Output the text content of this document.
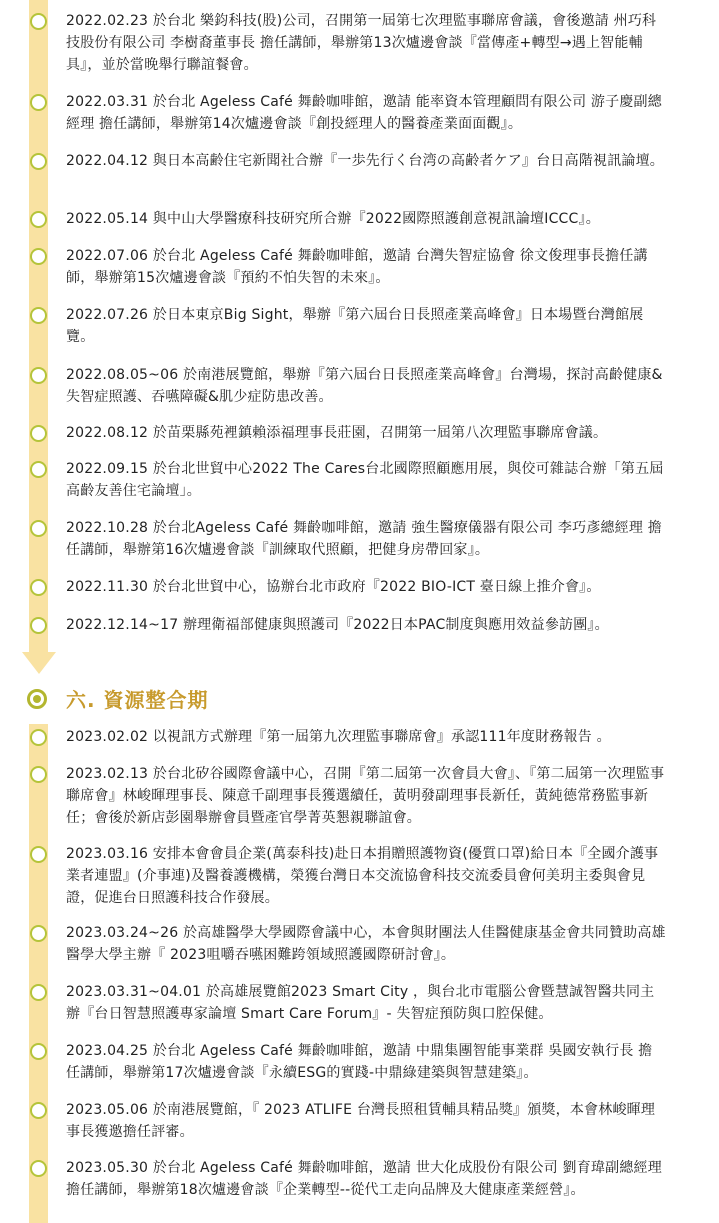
2022.02.23 於台北 樂鈞科技(股)公司，召開第一屆第七次理監事聯席會議，會後邀請 州巧科技股份有限公司 李樹裔董事長 擔任講師，舉辦第13次爐邊會談『當傳產+轉型→遇上智能輔具』，並於當晚舉行聯誼餐會。
2022.03.31 於台北 Ageless Café 舞齡咖啡館，邀請 能率資本管理顧問有限公司 游子慶副總經理 擔任講師，舉辦第14次爐邊會談『創投經理人的醫養產業面面觀』。
2022.04.12 與日本高齢住宅新聞社合辦『一歩先行く台湾の高齢者ケア』台日高階視訊論壇。
2022.05.14 與中山大學醫療科技研究所合辦『2022國際照護創意視訊論壇ICCC』。
2022.07.06 於台北 Ageless Café 舞齡咖啡館，邀請 台灣失智症協會 徐文俊理事長擔任講師，舉辦第15次爐邊會談『預約不怕失智的未來』。
2022.07.26 於日本東京Big Sight，舉辦『第六屆台日長照產業高峰會』日本場暨台灣館展覽。
2022.08.05~06 於南港展覽館，舉辦『第六屆台日長照產業高峰會』台灣場，探討高齡健康&失智症照護、吞嚥障礙&肌少症防患改善。
2022.08.12 於苗栗縣苑裡鎮賴添福理事長莊園，召開第一屆第八次理監事聯席會議。
2022.09.15 於台北世貿中心2022 The Cares台北國際照顧應用展，與佼可雜誌合辦「第五屆高齡友善住宅論壇」。
2022.10.28 於台北Ageless Café 舞齡咖啡館，邀請 強生醫療儀器有限公司 李巧彥總經理 擔任講師，舉辦第16次爐邊會談『訓練取代照顧，把健身房帶回家』。
2022.11.30 於台北世貿中心，協辦台北市政府『2022 BIO-ICT 臺日線上推介會』。
2022.12.14~17 辦理衛福部健康與照護司『2022日本PAC制度與應用效益參訪團』。
六. 資源整合期
2023.02.02 以視訊方式辦理『第一屆第九次理監事聯席會』承認111年度財務報告 。
2023.02.13 於台北矽谷國際會議中心，召開『第二屆第一次會員大會』、『第二屆第一次理監事聯席會』林峻暉理事長、陳意千副理事長獲選續任，黃明發副理事長新任，黃純德常務監事新任；會後於新店彭園舉辦會員暨產官學菁英懇親聯誼會。
2023.03.16 安排本會會員企業(萬泰科技)赴日本捐贈照護物資(優質口罩)給日本『全國介護事業者連盟』(介事連)及醫養護機構，榮獲台灣日本交流協會科技交流委員會何美玥主委與會見證，促進台日照護科技合作發展。
2023.03.24~26 於高雄醫學大學國際會議中心，本會與財團法人佳醫健康基金會共同贊助高雄醫學大學主辦『 2023咀嚼吞嚥困難跨領域照護國際研討會』。
2023.03.31~04.01 於高雄展覽館2023 Smart City ，與台北市電腦公會暨慧誠智醫共同主辦『台日智慧照護專家論壇 Smart Care Forum』- 失智症預防與口腔保健。
2023.04.25 於台北 Ageless Café 舞齡咖啡館，邀請 中鼎集團智能事業群 吳國安執行長 擔任講師，舉辦第17次爐邊會談『永續ESG的實踐-中鼎綠建築與智慧建築』。
2023.05.06 於南港展覽館，『 2023 ATLIFE 台灣長照租賃輔具精品獎』頒獎，本會林峻暉理事長獲邀擔任評審。
2023.05.30 於台北 Ageless Café 舞齡咖啡館，邀請 世大化成股份有限公司 劉育瑋副總經理 擔任講師，舉辦第18次爐邊會談『企業轉型--從代工走向品牌及大健康產業經營』。
